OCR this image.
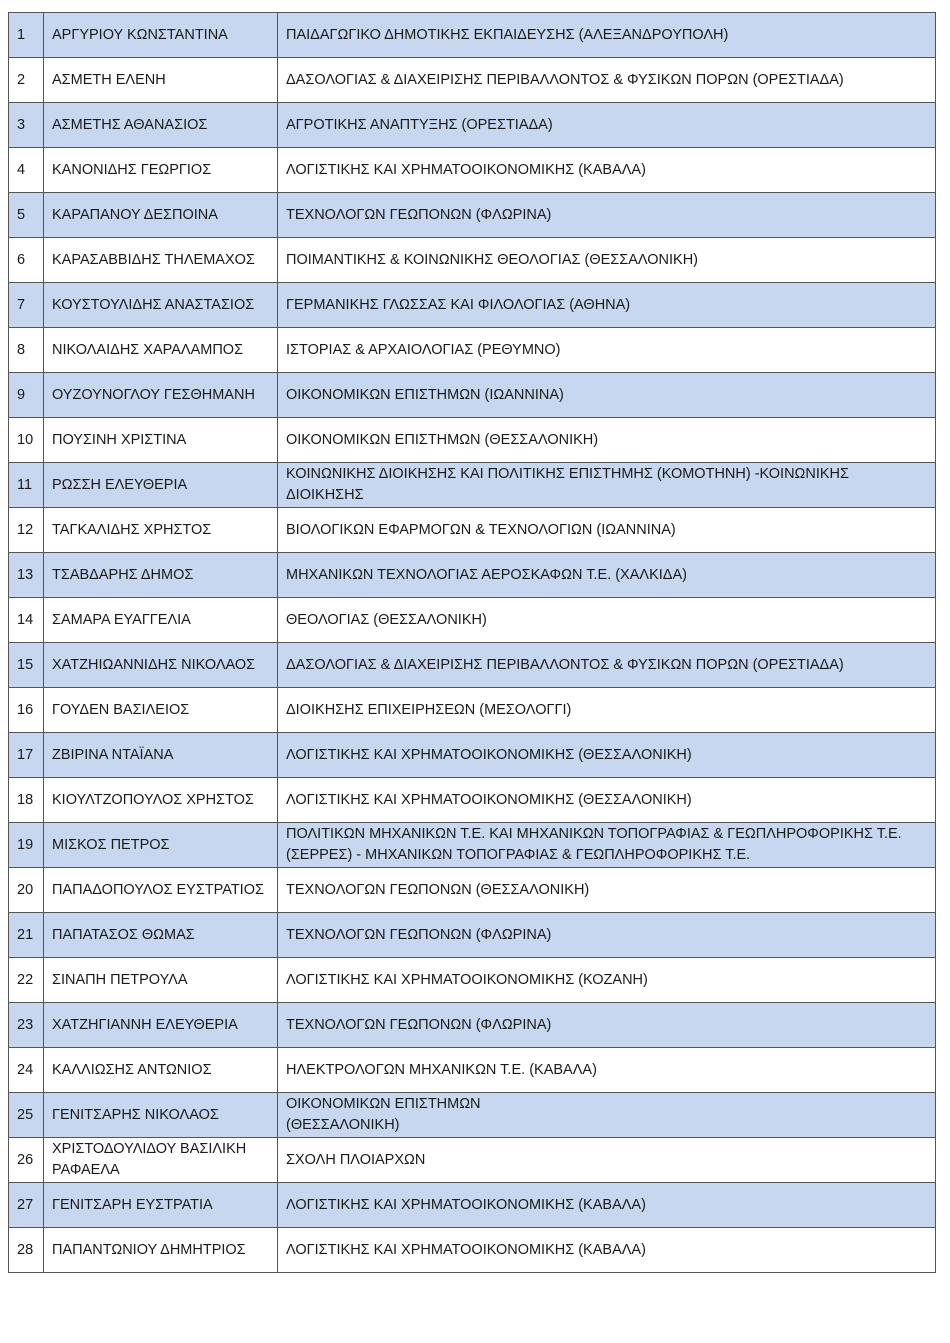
1	ΑΡΓΥΡΙΟΥ ΚΩΝΣΤΑΝΤΙΝΑ	ΠΑΙΔΑΓΩΓΙΚΟ ΔΗΜΟΤΙΚΗΣ ΕΚΠΑΙΔΕΥΣΗΣ (ΑΛΕΞΑΝΔΡΟΥΠΟΛΗ)
2	ΑΣΜΕΤΗ ΕΛΕΝΗ	ΔΑΣΟΛΟΓΙΑΣ & ΔΙΑΧΕΙΡΙΣΗΣ ΠΕΡΙΒΑΛΛΟΝΤΟΣ & ΦΥΣΙΚΩΝ ΠΟΡΩΝ (ΟΡΕΣΤΙΑΔΑ)
3	ΑΣΜΕΤΗΣ ΑΘΑΝΑΣΙΟΣ	ΑΓΡΟΤΙΚΗΣ ΑΝΑΠΤΥΞΗΣ (ΟΡΕΣΤΙΑΔΑ)
4	ΚΑΝΟΝΙΔΗΣ ΓΕΩΡΓΙΟΣ	ΛΟΓΙΣΤΙΚΗΣ ΚΑΙ ΧΡΗΜΑΤΟΟΙΚΟΝΟΜΙΚΗΣ (ΚΑΒΑΛΑ)
5	ΚΑΡΑΠΑΝΟΥ ΔΕΣΠΟΙΝΑ	ΤΕΧΝΟΛΟΓΩΝ ΓΕΩΠΟΝΩΝ (ΦΛΩΡΙΝΑ)
6	ΚΑΡΑΣΑΒΒΙΔΗΣ ΤΗΛΕΜΑΧΟΣ	ΠΟΙΜΑΝΤΙΚΗΣ & ΚΟΙΝΩΝΙΚΗΣ ΘΕΟΛΟΓΙΑΣ (ΘΕΣΣΑΛΟΝΙΚΗ)
7	ΚΟΥΣΤΟΥΛΙΔΗΣ ΑΝΑΣΤΑΣΙΟΣ	ΓΕΡΜΑΝΙΚΗΣ ΓΛΩΣΣΑΣ ΚΑΙ ΦΙΛΟΛΟΓΙΑΣ (ΑΘΗΝΑ)
8	ΝΙΚΟΛΑΙΔΗΣ ΧΑΡΑΛΑΜΠΟΣ	ΙΣΤΟΡΙΑΣ & ΑΡΧΑΙΟΛΟΓΙΑΣ (ΡΕΘΥΜΝΟ)
9	ΟΥΖΟΥΝΟΓΛΟΥ ΓΕΣΘΗΜΑΝΗ	ΟΙΚΟΝΟΜΙΚΩΝ ΕΠΙΣΤΗΜΩΝ (ΙΩΑΝΝΙΝΑ)
10	ΠΟΥΣΙΝΗ ΧΡΙΣΤΙΝΑ	ΟΙΚΟΝΟΜΙΚΩΝ ΕΠΙΣΤΗΜΩΝ (ΘΕΣΣΑΛΟΝΙΚΗ)
11	ΡΩΣΣΗ ΕΛΕΥΘΕΡΙΑ	ΚΟΙΝΩΝΙΚΗΣ ΔΙΟΙΚΗΣΗΣ ΚΑΙ ΠΟΛΙΤΙΚΗΣ ΕΠΙΣΤΗΜΗΣ (ΚΟΜΟΤΗΝΗ) -ΚΟΙΝΩΝΙΚΗΣ ΔΙΟΙΚΗΣΗΣ
12	ΤΑΓΚΑΛΙΔΗΣ ΧΡΗΣΤΟΣ	ΒΙΟΛΟΓΙΚΩΝ ΕΦΑΡΜΟΓΩΝ & ΤΕΧΝΟΛΟΓΙΩΝ (ΙΩΑΝΝΙΝΑ)
13	ΤΣΑΒΔΑΡΗΣ ΔΗΜΟΣ	ΜΗΧΑΝΙΚΩΝ ΤΕΧΝΟΛΟΓΙΑΣ ΑΕΡΟΣΚΑΦΩΝ Τ.Ε. (ΧΑΛΚΙΔΑ)
14	ΣΑΜΑΡΑ ΕΥΑΓΓΕΛΙΑ	ΘΕΟΛΟΓΙΑΣ (ΘΕΣΣΑΛΟΝΙΚΗ)
15	ΧΑΤΖΗΙΩΑΝΝΙΔΗΣ ΝΙΚΟΛΑΟΣ	ΔΑΣΟΛΟΓΙΑΣ & ΔΙΑΧΕΙΡΙΣΗΣ ΠΕΡΙΒΑΛΛΟΝΤΟΣ & ΦΥΣΙΚΩΝ ΠΟΡΩΝ (ΟΡΕΣΤΙΑΔΑ)
16	ΓΟΥΔΕΝ ΒΑΣΙΛΕΙΟΣ	ΔΙΟΙΚΗΣΗΣ ΕΠΙΧΕΙΡΗΣΕΩΝ (ΜΕΣΟΛΟΓΓΙ)
17	ΖΒΙΡΙΝΑ ΝΤΑΪΑΝΑ	ΛΟΓΙΣΤΙΚΗΣ ΚΑΙ ΧΡΗΜΑΤΟΟΙΚΟΝΟΜΙΚΗΣ (ΘΕΣΣΑΛΟΝΙΚΗ)
18	ΚΙΟΥΛΤΖΟΠΟΥΛΟΣ ΧΡΗΣΤΟΣ	ΛΟΓΙΣΤΙΚΗΣ ΚΑΙ ΧΡΗΜΑΤΟΟΙΚΟΝΟΜΙΚΗΣ (ΘΕΣΣΑΛΟΝΙΚΗ)
19	ΜΙΣΚΟΣ ΠΕΤΡΟΣ	ΠΟΛΙΤΙΚΩΝ ΜΗΧΑΝΙΚΩΝ Τ.Ε. ΚΑΙ ΜΗΧΑΝΙΚΩΝ ΤΟΠΟΓΡΑΦΙΑΣ & ΓΕΩΠΛΗΡΟΦΟΡΙΚΗΣ Τ.Ε. (ΣΕΡΡΕΣ) - ΜΗΧΑΝΙΚΩΝ ΤΟΠΟΓΡΑΦΙΑΣ & ΓΕΩΠΛΗΡΟΦΟΡΙΚΗΣ Τ.Ε.
20	ΠΑΠΑΔΟΠΟΥΛΟΣ ΕΥΣΤΡΑΤΙΟΣ	ΤΕΧΝΟΛΟΓΩΝ ΓΕΩΠΟΝΩΝ (ΘΕΣΣΑΛΟΝΙΚΗ)
21	ΠΑΠΑΤΑΣΟΣ ΘΩΜΑΣ	ΤΕΧΝΟΛΟΓΩΝ ΓΕΩΠΟΝΩΝ (ΦΛΩΡΙΝΑ)
22	ΣΙΝΑΠΗ ΠΕΤΡΟΥΛΑ	ΛΟΓΙΣΤΙΚΗΣ ΚΑΙ ΧΡΗΜΑΤΟΟΙΚΟΝΟΜΙΚΗΣ (ΚΟΖΑΝΗ)
23	ΧΑΤΖΗΓΙΑΝΝΗ ΕΛΕΥΘΕΡΙΑ	ΤΕΧΝΟΛΟΓΩΝ ΓΕΩΠΟΝΩΝ (ΦΛΩΡΙΝΑ)
24	ΚΑΛΛΙΩΣΗΣ ΑΝΤΩΝΙΟΣ	ΗΛΕΚΤΡΟΛΟΓΩΝ ΜΗΧΑΝΙΚΩΝ Τ.Ε. (ΚΑΒΑΛΑ)
25	ΓΕΝΙΤΣΑΡΗΣ ΝΙΚΟΛΑΟΣ	ΟΙΚΟΝΟΜΙΚΩΝ ΕΠΙΣΤΗΜΩΝ
(ΘΕΣΣΑΛΟΝΙΚΗ)
26	ΧΡΙΣΤΟΔΟΥΛΙΔΟΥ ΒΑΣΙΛΙΚΗ ΡΑΦΑΕΛΑ	ΣΧΟΛΗ ΠΛΟΙΑΡΧΩΝ
27	ΓΕΝΙΤΣΑΡΗ ΕΥΣΤΡΑΤΙΑ	ΛΟΓΙΣΤΙΚΗΣ ΚΑΙ ΧΡΗΜΑΤΟΟΙΚΟΝΟΜΙΚΗΣ (ΚΑΒΑΛΑ)
28	ΠΑΠΑΝΤΩΝΙΟΥ ΔΗΜΗΤΡΙΟΣ	ΛΟΓΙΣΤΙΚΗΣ ΚΑΙ ΧΡΗΜΑΤΟΟΙΚΟΝΟΜΙΚΗΣ (ΚΑΒΑΛΑ)
